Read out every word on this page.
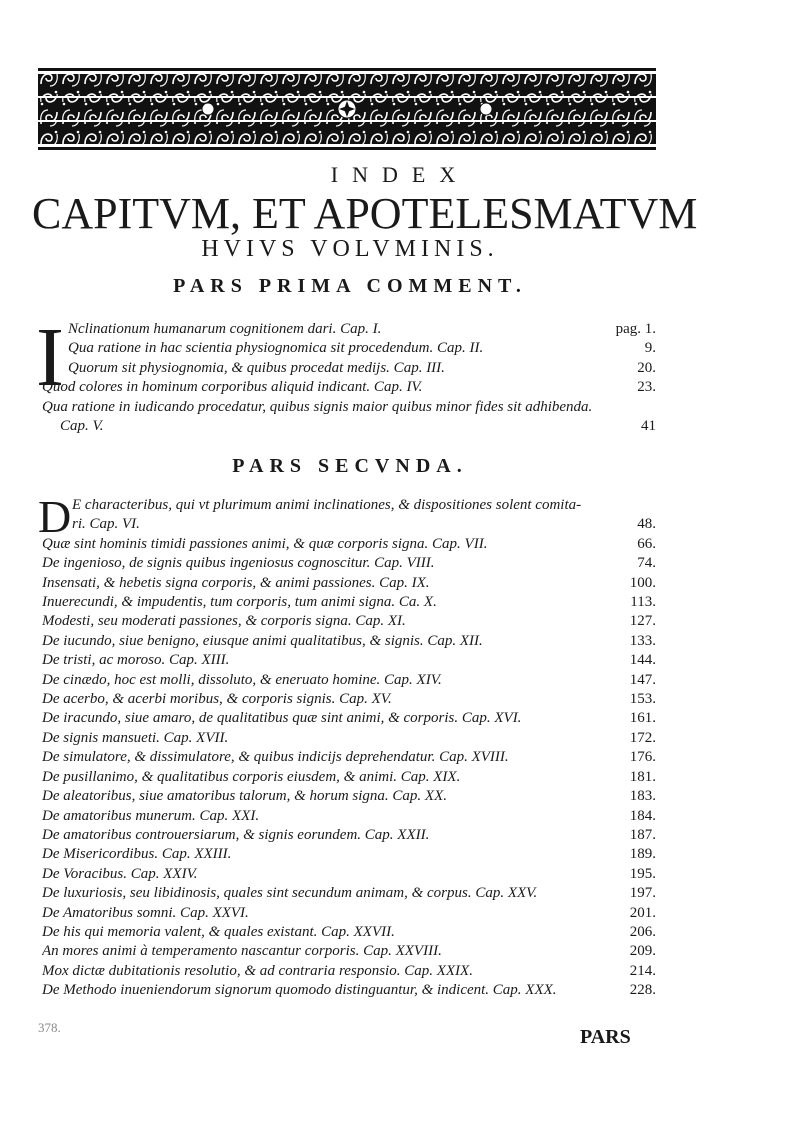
INDEX
CAPITVM, ET APOTELESMATVM
HVIVS VOLVMINIS.
PARS PRIMA COMMENT.
I Nclinationum humanarum cognitionem dari. Cap. I.	pag. 1.
Qua ratione in hac scientia physiognomica sit procedendum. Cap. II.	9.
Quorum sit physiognomia, & quibus procedat medijs. Cap. III.	20.
Quod colores in hominum corporibus aliquid indicant. Cap. IV.	23.
Qua ratione in iudicando procedatur, quibus signis maior quibus minor fides sit adhibenda.
Cap. V.	41
PARS SECVNDA.
D E characteribus, qui vt plurimum animi inclinationes, & dispositiones solent comita-
ri. Cap. VI.	48.
Quæ sint hominis timidi passiones animi, & quæ corporis signa. Cap. VII.	66.
De ingenioso, de signis quibus ingeniosus cognoscitur. Cap. VIII.	74.
Insensati, & hebetis signa corporis, & animi passiones. Cap. IX.	100.
Inuerecundi, & impudentis, tum corporis, tum animi signa. Ca. X.	113.
Modesti, seu moderati passiones, & corporis signa. Cap. XI.	127.
De iucundo, siue benigno, eiusque animi qualitatibus, & signis. Cap. XII.	133.
De tristi, ac moroso. Cap. XIII.	144.
De cinædo, hoc est molli, dissoluto, & eneruato homine. Cap. XIV.	147.
De acerbo, & acerbi moribus, & corporis signis. Cap. XV.	153.
De iracundo, siue amaro, de qualitatibus quæ sint animi, & corporis. Cap. XVI.	161.
De signis mansueti. Cap. XVII.	172.
De simulatore, & dissimulatore, & quibus indicijs deprehendatur. Cap. XVIII.	176.
De pusillanimo, & qualitatibus corporis eiusdem, & animi. Cap. XIX.	181.
De aleatoribus, siue amatoribus talorum, & horum signa. Cap. XX.	183.
De amatoribus munerum. Cap. XXI.	184.
De amatoribus controuersiarum, & signis eorundem. Cap. XXII.	187.
De Misericordibus. Cap. XXIII.	189.
De Voracibus. Cap. XXIV.	195.
De luxuriosis, seu libidinosis, quales sint secundum animam, & corpus. Cap. XXV.	197.
De Amatoribus somni. Cap. XXVI.	201.
De his qui memoria valent, & quales existant. Cap. XXVII.	206.
An mores animi à temperamento nascantur corporis. Cap. XXVIII.	209.
Mox dictæ dubitationis resolutio, & ad contraria responsio. Cap. XXIX.	214.
De Methodo inueniendorum signorum quomodo distinguantur, & indicent. Cap. XXX.	228.
378.	PARS
